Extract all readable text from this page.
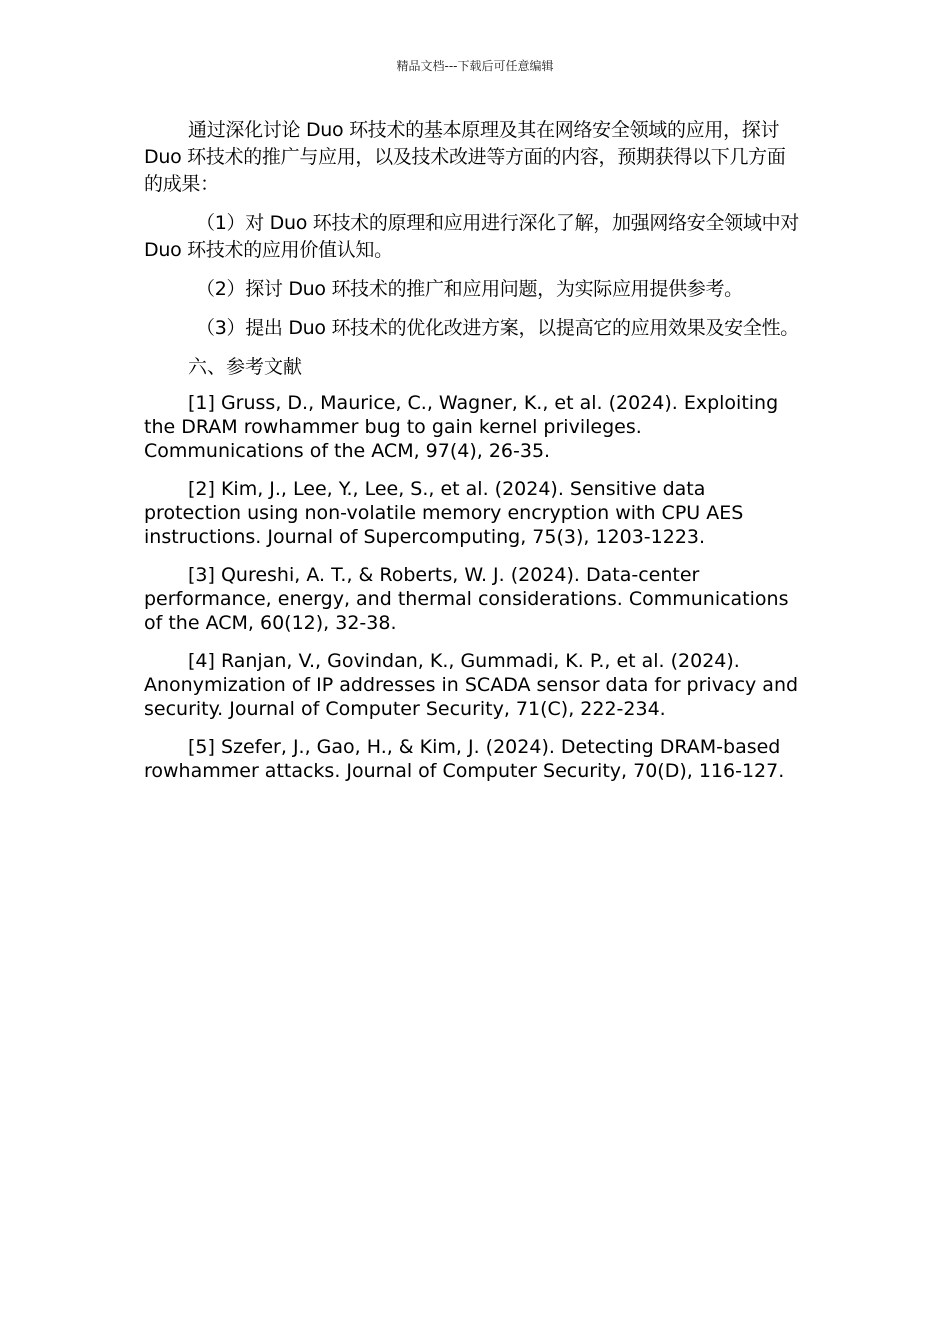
精品文档---下载后可任意编辑

通过深化讨论 Duo 环技术的基本原理及其在网络安全领域的应用，探讨 Duo 环技术的推广与应用，以及技术改进等方面的内容，预期获得以下几方面的成果：

（1）对 Duo 环技术的原理和应用进行深化了解，加强网络安全领域中对 Duo 环技术的应用价值认知。

（2）探讨 Duo 环技术的推广和应用问题，为实际应用提供参考。

（3）提出 Duo 环技术的优化改进方案，以提高它的应用效果及安全性。

六、参考文献

[1] Gruss, D., Maurice, C., Wagner, K., et al. (2024). Exploiting the DRAM rowhammer bug to gain kernel privileges. Communications of the ACM, 97(4), 26-35.

[2] Kim, J., Lee, Y., Lee, S., et al. (2024). Sensitive data protection using non-volatile memory encryption with CPU AES instructions. Journal of Supercomputing, 75(3), 1203-1223.

[3] Qureshi, A. T., & Roberts, W. J. (2024). Data-center performance, energy, and thermal considerations. Communications of the ACM, 60(12), 32-38.

[4] Ranjan, V., Govindan, K., Gummadi, K. P., et al. (2024). Anonymization of IP addresses in SCADA sensor data for privacy and security. Journal of Computer Security, 71(C), 222-234.

[5] Szefer, J., Gao, H., & Kim, J. (2024). Detecting DRAM-based rowhammer attacks. Journal of Computer Security, 70(D), 116-127.
